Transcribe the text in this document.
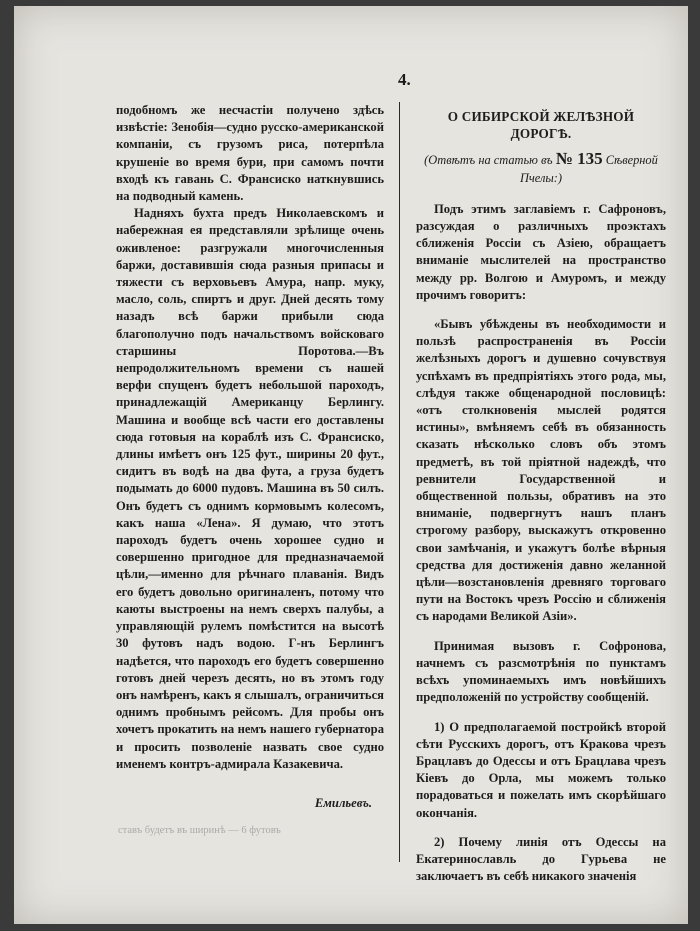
4.

подобномъ же несчастіи получено здѣсь извѣстіе: Зенобія—судно русско-американской компаніи, съ грузомъ риса, потерпѣла крушеніе во время бури, при самомъ почти входѣ къ гавань С. Франсиско наткнувшись на подводный камень.

Надняхъ бухта предъ Николаевскомъ и набережная ея представляли зрѣлище очень оживленое: разгружали многочисленныя баржи, доставившія сюда разныя припасы и тяжести съ верховьевъ Амура, напр. муку, масло, соль, спиртъ и друг. Дней десять тому назадъ всѣ баржи прибыли сюда благополучно подъ начальствомъ войсковаго старшины Поротова.—Въ непродолжительномъ времени съ нашей верфи спущенъ будетъ небольшой пароходъ, принадлежащій Американцу Берлингу. Машина и вообще всѣ части его доставлены сюда готовыя на кораблѣ изъ С. Франсиско, длины имѣетъ онъ 125 фут., ширины 20 фут., сидитъ въ водѣ на два фута, а груза будетъ подымать до 6000 пудовъ. Машина въ 50 силъ. Онъ будетъ съ однимъ кормовымъ колесомъ, какъ наша «Лена». Я думаю, что этотъ пароходъ будетъ очень хорошее судно и совершенно пригодное для предназначаемой цѣли,—именно для рѣчнаго плаванія. Видъ его будетъ довольно оригиналенъ, потому что каюты выстроены на немъ сверхъ палубы, а управляющій рулемъ помѣстится на высотѣ 30 футовъ надъ водою. Г-нъ Берлингъ надѣется, что пароходъ его будетъ совершенно готовъ дней черезъ десять, но въ этомъ году онъ намѣренъ, какъ я слышалъ, ограничиться однимъ пробнымъ рейсомъ. Для пробы онъ хочетъ прокатить на немъ нашего губернатора и просить позволеніе назвать свое судно именемъ контръ-адмирала Казакевича.

Емильевъ.

О СИБИРСКОЙ ЖЕЛѢЗНОЙ ДОРОГѢ.

(Отвѣтъ на статью въ № 135 Сѣверной Пчелы:)

Подъ этимъ заглавіемъ г. Сафроновъ, разсуждая о различныхъ проэктахъ сближенія Россіи съ Азіею, обращаетъ вниманіе мыслителей на пространство между рр. Волгою и Амуромъ, и между прочимъ говоритъ:

«Бывъ убѣждены въ необходимости и пользѣ распространенія въ Россіи желѣзныхъ дорогъ и душевно сочувствуя успѣхамъ въ предпріятіяхъ этого рода, мы, слѣдуя также общенародной пословицѣ: «отъ столкновенія мыслей родятся истины», вмѣняемъ себѣ въ обязанность сказать нѣсколько словъ объ этомъ предметѣ, въ той пріятной надеждѣ, что ревнители Государственной и общественной пользы, обративъ на это вниманіе, подвергнутъ нашъ планъ строгому разбору, выскажутъ откровенно свои замѣчанія, и укажутъ болѣе вѣрныя средства для достиженія давно желанной цѣли—возстановленія древняго торговаго пути на Востокъ чрезъ Россію и сближенія съ народами Великой Азіи».

Принимая вызовъ г. Софронова, начнемъ съ разсмотрѣнія по пунктамъ всѣхъ упоминаемыхъ имъ новѣйшихъ предположеній по устройству сообщеній.

1) О предполагаемой постройкѣ второй сѣти Русскихъ дорогъ, отъ Кракова чрезъ Брацлавъ до Одессы и отъ Брацлава чрезъ Кіевъ до Орла, мы можемъ только порадоваться и пожелать имъ скорѣйшаго окончанія.

2) Почему линія отъ Одессы на Екатеринославль до Гурьева не заключаетъ въ себѣ никакого значенія

ставъ будетъ въ ширинѣ — 6 футовъ
